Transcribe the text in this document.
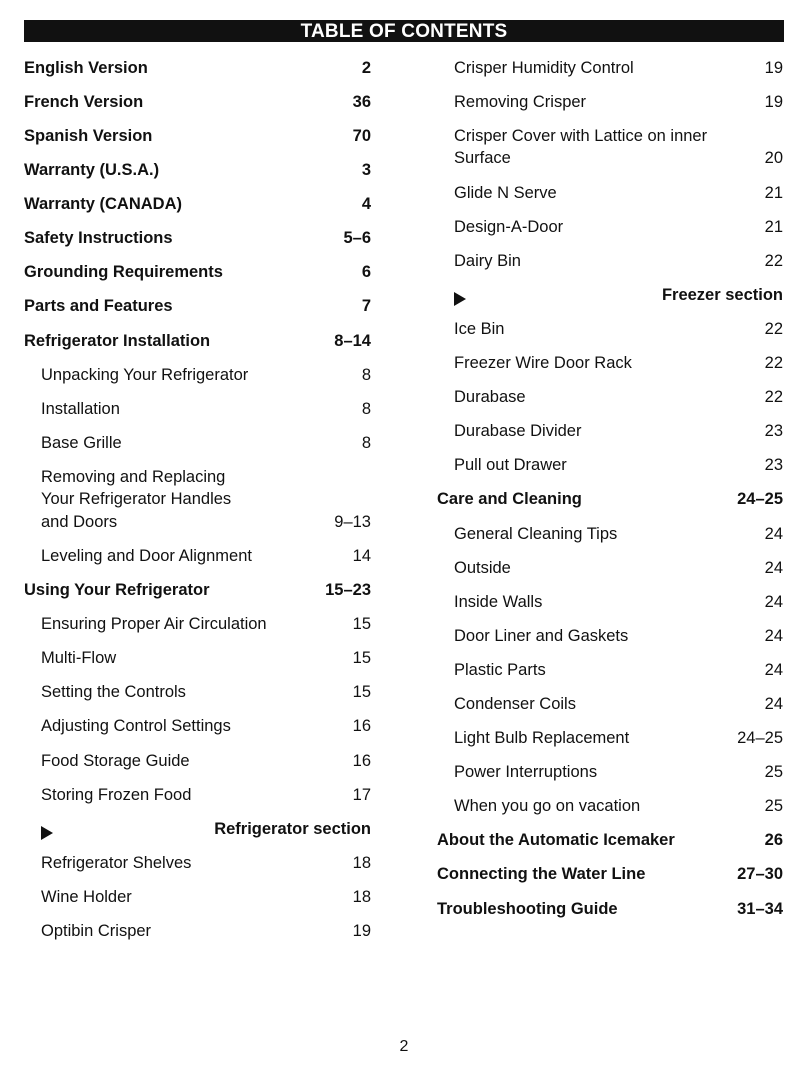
TABLE OF CONTENTS
English Version	2
French Version	36
Spanish Version	70
Warranty (U.S.A.)	3
Warranty (CANADA)	4
Safety Instructions	5–6
Grounding Requirements	6
Parts and Features	7
Refrigerator Installation	8–14
Unpacking Your Refrigerator	8
Installation	8
Base Grille	8
Removing and Replacing
Your Refrigerator Handles
and Doors	9–13
Leveling and Door Alignment	14
Using Your Refrigerator	15–23
Ensuring Proper Air Circulation	15
Multi-Flow	15
Setting the Controls	15
Adjusting Control Settings	16
Food Storage Guide	16
Storing Frozen Food	17
Refrigerator section
Refrigerator Shelves	18
Wine Holder	18
Optibin Crisper	19
Crisper Humidity Control	19
Removing Crisper	19
Crisper Cover with Lattice on inner
Surface	20
Glide N Serve	21
Design-A-Door	21
Dairy Bin	22
Freezer section
Ice Bin	22
Freezer Wire Door Rack	22
Durabase	22
Durabase Divider	23
Pull out Drawer	23
Care and Cleaning	24–25
General Cleaning Tips	24
Outside	24
Inside Walls	24
Door Liner and Gaskets	24
Plastic Parts	24
Condenser Coils	24
Light Bulb Replacement	24–25
Power Interruptions	25
When you go on vacation	25
About the Automatic Icemaker	26
Connecting the Water Line	27–30
Troubleshooting Guide	31–34
2
